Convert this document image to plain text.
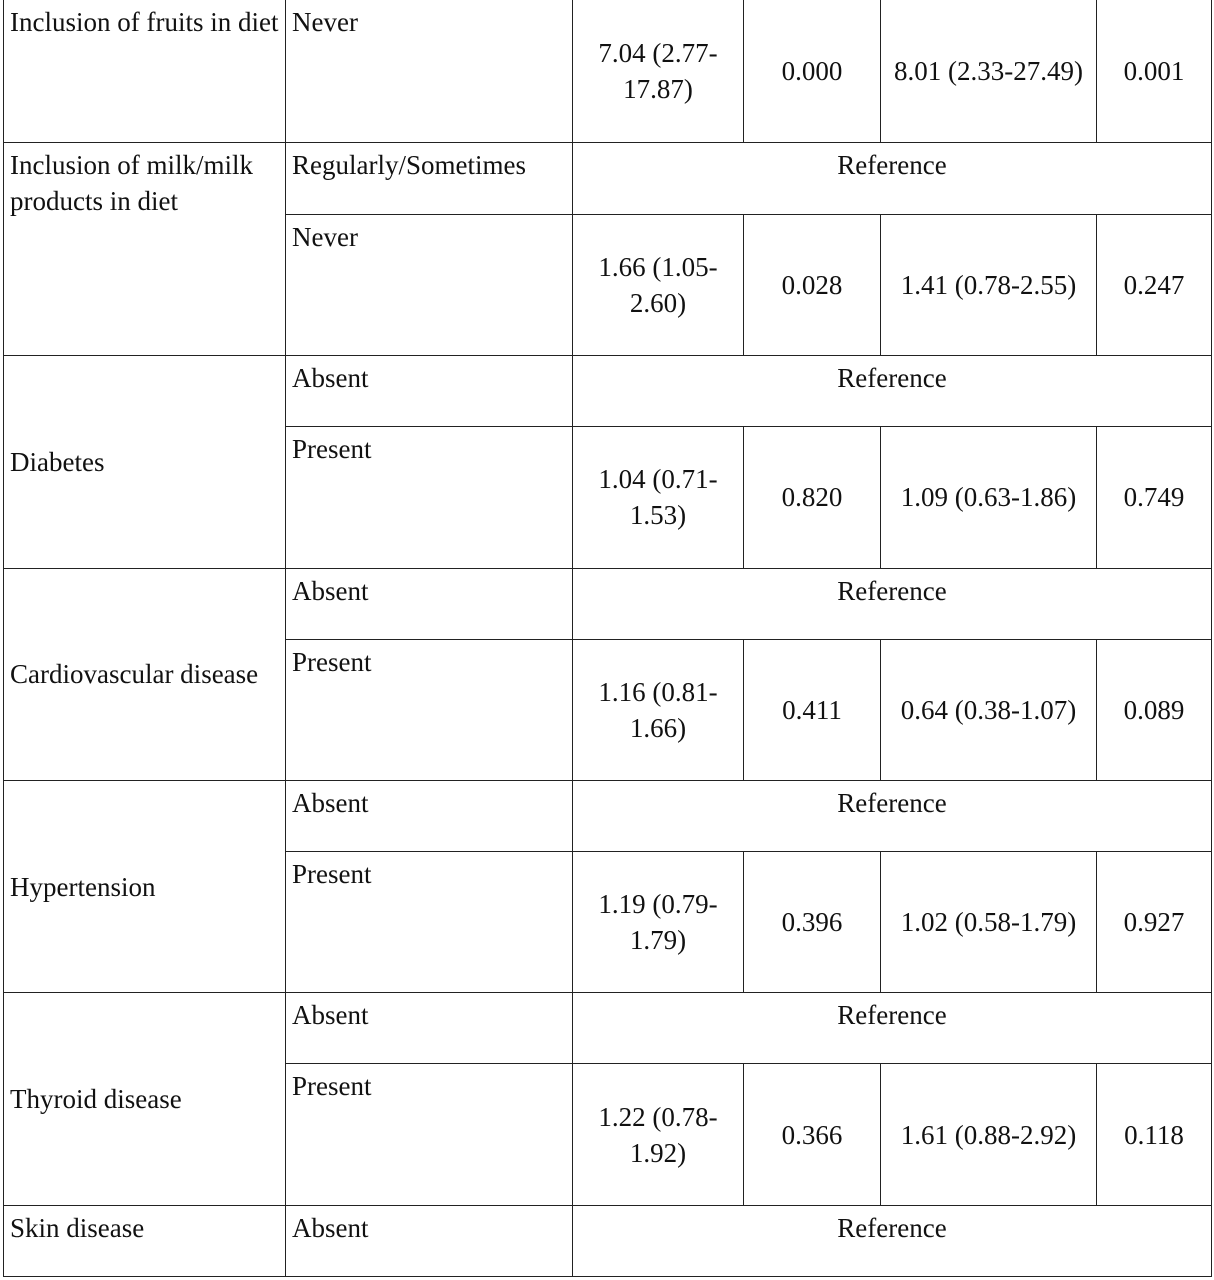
Inclusion of fruits in diet	Never	7.04 (2.77-17.87)	0.000	8.01 (2.33-27.49)	0.001
Inclusion of milk/milk products in diet	Regularly/Sometimes	Reference			
	Never	1.66 (1.05-2.60)	0.028	1.41 (0.78-2.55)	0.247
Diabetes	Absent	Reference			
	Present	1.04 (0.71-1.53)	0.820	1.09 (0.63-1.86)	0.749
Cardiovascular disease	Absent	Reference			
	Present	1.16 (0.81-1.66)	0.411	0.64 (0.38-1.07)	0.089
Hypertension	Absent	Reference			
	Present	1.19 (0.79-1.79)	0.396	1.02 (0.58-1.79)	0.927
Thyroid disease	Absent	Reference			
	Present	1.22 (0.78-1.92)	0.366	1.61 (0.88-2.92)	0.118
Skin disease	Absent	Reference			
